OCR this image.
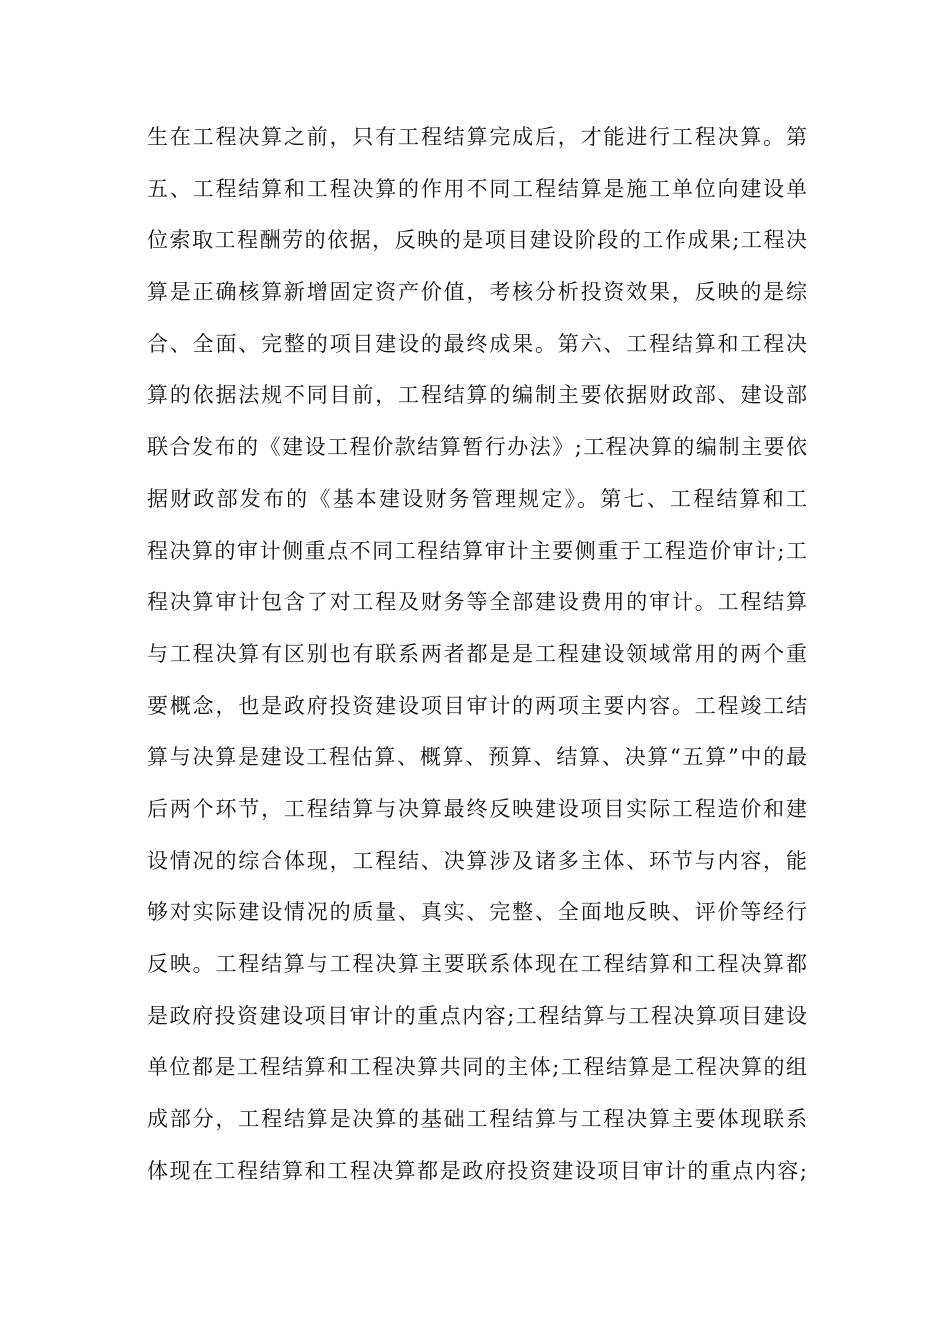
生在工程决算之前，只有工程结算完成后，才能进行工程决算。第
五、工程结算和工程决算的作用不同工程结算是施工单位向建设单
位索取工程酬劳的依据，反映的是项目建设阶段的工作成果;工程决
算是正确核算新增固定资产价值，考核分析投资效果，反映的是综
合、全面、完整的项目建设的最终成果。第六、工程结算和工程决
算的依据法规不同目前，工程结算的编制主要依据财政部、建设部
联合发布的《建设工程价款结算暂行办法》;工程决算的编制主要依
据财政部发布的《基本建设财务管理规定》。第七、工程结算和工
程决算的审计侧重点不同工程结算审计主要侧重于工程造价审计;工
程决算审计包含了对工程及财务等全部建设费用的审计。工程结算
与工程决算有区别也有联系两者都是是工程建设领域常用的两个重
要概念，也是政府投资建设项目审计的两项主要内容。工程竣工结
算与决算是建设工程估算、概算、预算、结算、决算“五算”中的最
后两个环节，工程结算与决算最终反映建设项目实际工程造价和建
设情况的综合体现，工程结、决算涉及诸多主体、环节与内容，能
够对实际建设情况的质量、真实、完整、全面地反映、评价等经行
反映。工程结算与工程决算主要联系体现在工程结算和工程决算都
是政府投资建设项目审计的重点内容;工程结算与工程决算项目建设
单位都是工程结算和工程决算共同的主体;工程结算是工程决算的组
成部分，工程结算是决算的基础工程结算与工程决算主要体现联系
体现在工程结算和工程决算都是政府投资建设项目审计的重点内容;
